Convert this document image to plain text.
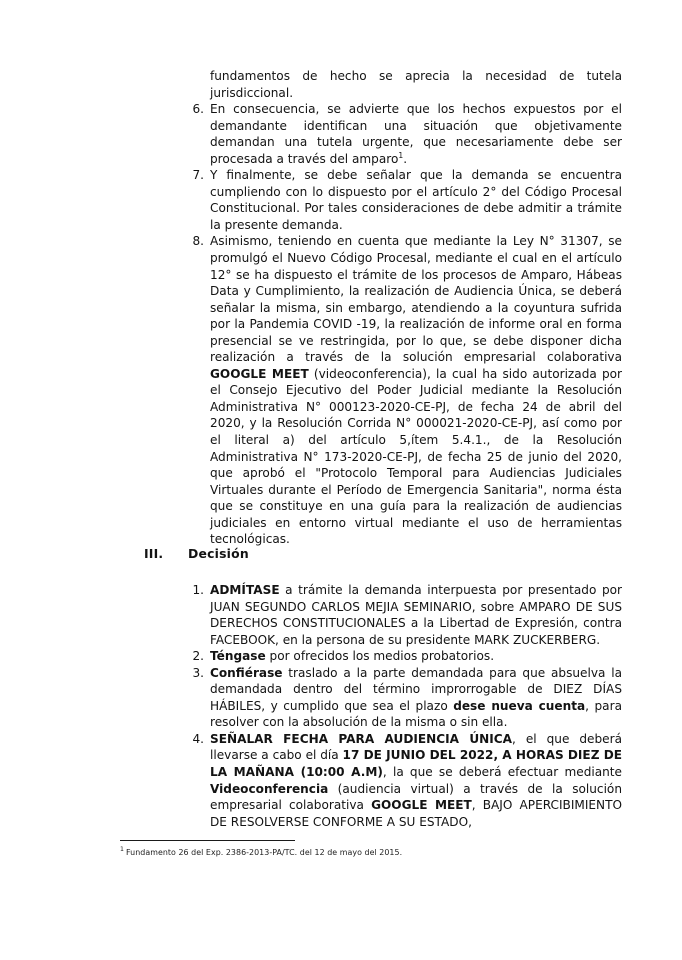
fundamentos de hecho se aprecia la necesidad de tutela jurisdiccional.
6. En consecuencia, se advierte que los hechos expuestos por el demandante identifican una situación que objetivamente demandan una tutela urgente, que necesariamente debe ser procesada a través del amparo$^1$.
7. Y finalmente, se debe señalar que la demanda se encuentra cumpliendo con lo dispuesto por el artículo 2° del Código Procesal Constitucional. Por tales consideraciones de debe admitir a trámite la presente demanda.
8. Asimismo, teniendo en cuenta que mediante la Ley N° 31307, se promulgó el Nuevo Código Procesal, mediante el cual en el artículo 12° se ha dispuesto el trámite de los procesos de Amparo, Hábeas Data y Cumplimiento, la realización de Audiencia Única, se deberá señalar la misma, sin embargo, atendiendo a la coyuntura sufrida por la Pandemia COVID -19, la realización de informe oral en forma presencial se ve restringida, por lo que, se debe disponer dicha realización a través de la solución empresarial colaborativa GOOGLE MEET (videoconferencia), la cual ha sido autorizada por el Consejo Ejecutivo del Poder Judicial mediante la Resolución Administrativa N° 000123-2020-CE-PJ, de fecha 24 de abril del 2020, y la Resolución Corrida N° 000021-2020-CE-PJ, así como por el literal a) del artículo 5,ítem 5.4.1., de la Resolución Administrativa N° 173-2020-CE-PJ, de fecha 25 de junio del 2020, que aprobó el "Protocolo Temporal para Audiencias Judiciales Virtuales durante el Período de Emergencia Sanitaria", norma ésta que se constituye en una guía para la realización de audiencias judiciales en entorno virtual mediante el uso de herramientas tecnológicas.
III. Decisión
1. ADMÍTASE a trámite la demanda interpuesta por presentado por JUAN SEGUNDO CARLOS MEJIA SEMINARIO, sobre AMPARO DE SUS DERECHOS CONSTITUCIONALES a la Libertad de Expresión, contra FACEBOOK, en la persona de su presidente MARK ZUCKERBERG.
2. Téngase por ofrecidos los medios probatorios.
3. Confiérase traslado a la parte demandada para que absuelva la demandada dentro del término improrrogable de DIEZ DÍAS HÁBILES, y cumplido que sea el plazo dese nueva cuenta, para resolver con la absolución de la misma o sin ella.
4. SEÑALAR FECHA PARA AUDIENCIA ÚNICA, el que deberá llevarse a cabo el día 17 DE JUNIO DEL 2022, A HORAS DIEZ DE LA MAÑANA (10:00 A.M), la que se deberá efectuar mediante Videoconferencia (audiencia virtual) a través de la solución empresarial colaborativa GOOGLE MEET, BAJO APERCIBIMIENTO DE RESOLVERSE CONFORME A SU ESTADO,
$^1$ Fundamento 26 del Exp. 2386-2013-PA/TC. del 12 de mayo del 2015.
